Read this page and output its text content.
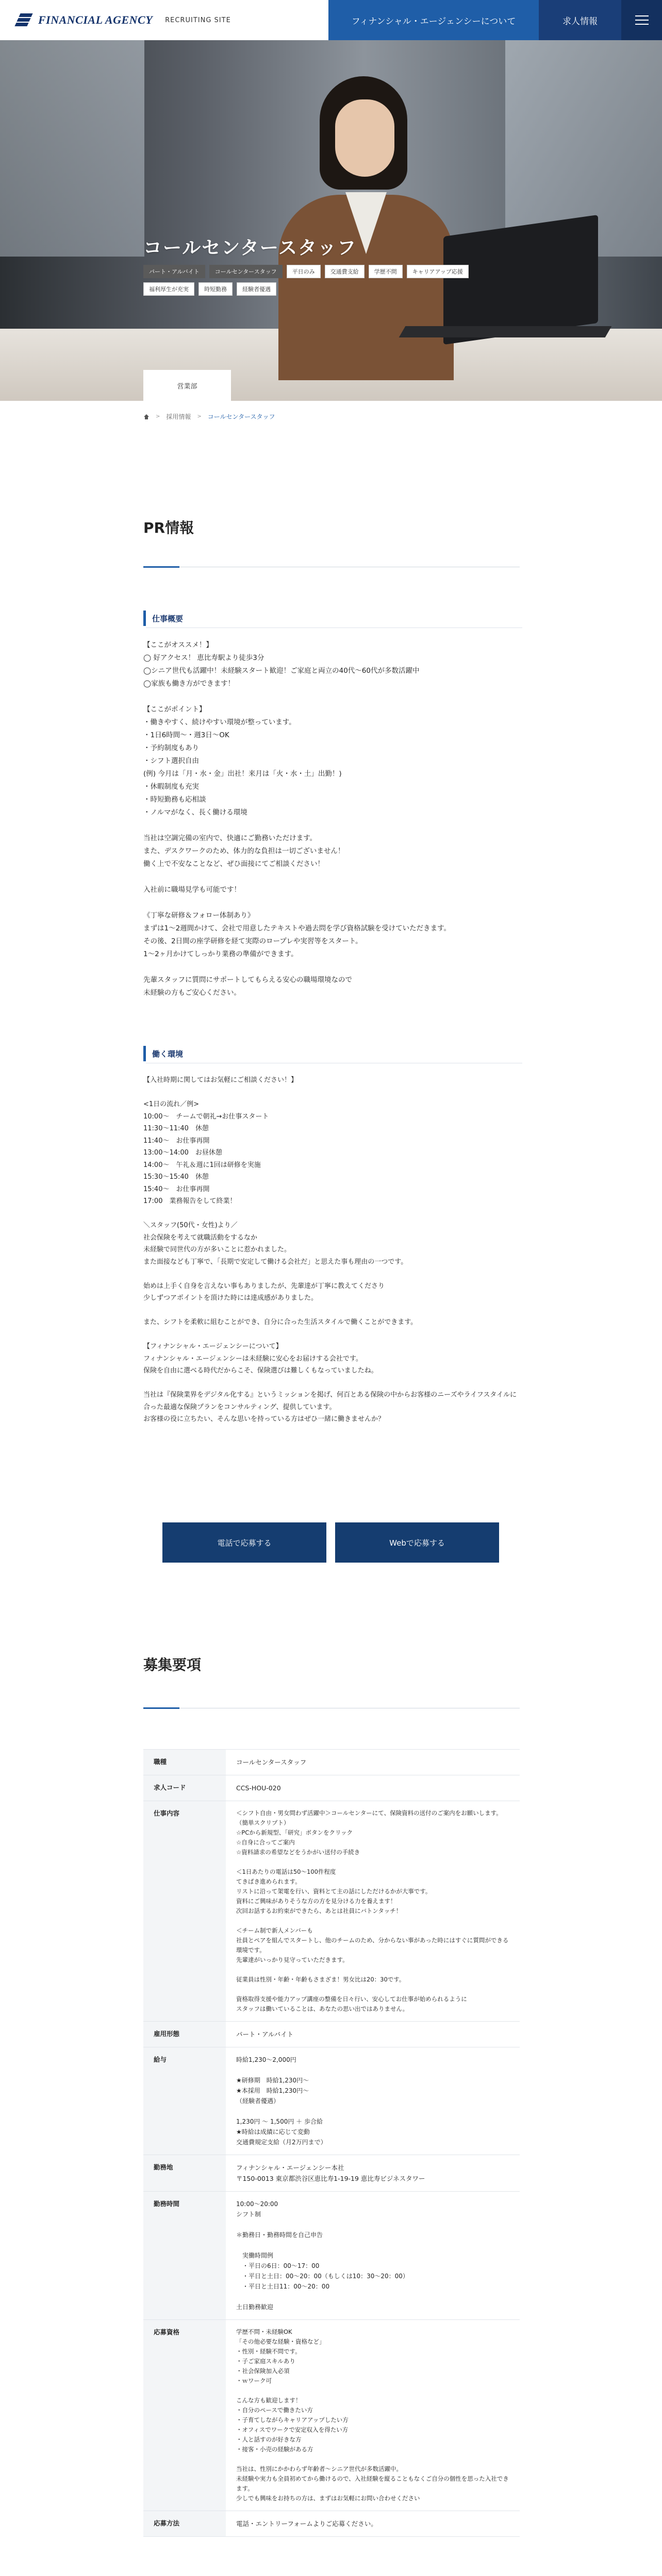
FINANCIAL AGENCY RECRUITING SITE	フィナンシャル・エージェンシーについて	求人情報
コールセンタースタッフ
パート・アルバイト	コールセンタースタッフ	平日のみ	交通費支給	学歴不問	キャリアアップ応援
福利厚生が充実	時短勤務	経験者優遇
営業部
> 採用情報 > コールセンタースタッフ
PR情報
仕事概要
【ここがオススメ！】
◯ 好アクセス！ 恵比寿駅より徒歩3分
◯シニア世代も活躍中！未経験スタート歓迎！ご家庭と両立の40代〜60代が多数活躍中
◯家族も働き方ができます！

【ここがポイント】
・働きやすく、続けやすい環境が整っています。
・1日6時間〜・週3日〜OK
・予約制度もあり
・シフト選択自由
(例) 今月は「月・水・金」出社！来月は「火・水・土」出勤！)
・休暇制度も充実
・時短勤務も応相談
・ノルマがなく、長く働ける環境

当社は空調完備の室内で、快適にご勤務いただけます。
また、デスクワークのため、体力的な負担は一切ございません！
働く上で不安なことなど、ぜひ面接にてご相談ください！

入社前に職場見学も可能です！

《丁寧な研修＆フォロー体制あり》
まずは1〜2週間かけて、会社で用意したテキストや過去問を学び資格試験を受けていただきます。
その後、2日間の座学研修を経て実際のロープレや実習等をスタート。
1〜2ヶ月かけてしっかり業務の準備ができます。

先輩スタッフに質問にサポートしてもらえる安心の職場環境なので
未経験の方もご安心ください。
働く環境
【入社時期に関してはお気軽にご相談ください！】

<1日の流れ／例>
10:00〜　チームで朝礼→お仕事スタート
11:30〜11:40　休憩
11:40〜　お仕事再開
13:00〜14:00　お昼休憩
14:00〜　午礼＆週に1回は研修を実施
15:30〜15:40　休憩
15:40〜　お仕事再開
17:00　業務報告をして終業！

＼スタッフ(50代・女性)より／
社会保険を考えて就職活動をするなか
未経験で同世代の方が多いことに惹かれました。
また面接なども丁寧で、「長期で安定して働ける会社だ」と思えた事も理由の一つです。

始めは上手く自身を言えない事もありましたが、先輩達が丁寧に教えてくださり
少しずつアポイントを頂けた時には達成感がありました。

また、シフトを柔軟に組むことができ、自分に合った生活スタイルで働くことができます。

【フィナンシャル・エージェンシーについて】
フィナンシャル・エージェンシーは未経験に安心をお届けする会社です。
保険を自由に選べる時代だからこそ、保険選びは難しくもなっていましたね。

当社は『保険業界をデジタル化する』というミッションを掲げ、何百とある保険の中からお客様のニーズやライフスタイルに合った最適な保険プランをコンサルティング、提供しています。
お客様の役に立ちたい、そんな思いを持っている方はぜひ一緒に働きませんか？
電話で応募する	Webで応募する
募集要項
職種	コールセンタースタッフ
求人コード	CCS-HOU-020
仕事内容	＜シフト自由・男女問わず活躍中＞コールセンターにて、保険資料の送付のご案内をお願いします。
（簡単スクリプト）
☆PCから新規型、「研究」ボタンをクリック
☆自身に合ってご案内
☆資料請求の希望などをうかがい送付の手続き

＜1日あたりの電話は50〜100件程度
てきぱき進められます。
リストに沿って架電を行い、資料とて主の話にしただけるかが大事です。
資料にご興味がありそうな方の方を見分ける力を養えます！
次回お話するお約束ができたら、あとは社員にバトンタッチ！

＜チーム制で新人メンバーも
社員とペアを組んでスタートし、他のチームのため、分からない事があった時にはすぐに質問ができる環境です。
先輩達がいっかり見守っていただきます。

従業員は性別・年齢・年齢もさまざま！男女比は20：30です。

資格取得支援や能力アップ講座の整備を日々行い、安心してお仕事が始められるように
スタッフは働いていることは、あなたの思い出ではありません。
雇用形態	パート・アルバイト
給与	時給1,230〜2,000円

★研修期　時給1,230円〜
★本採用　時給1,230円〜
（経験者優遇）

1,230円 〜 1,500円 ＋ 歩合給
★時給は成績に応じて変動
交通費規定支給（月2万円まで）
勤務地	フィナンシャル・エージェンシー本社
〒150-0013 東京都渋谷区恵比寿1-19-19 恵比寿ビジネスタワー
勤務時間	10:00〜20:00
シフト制

＊勤務日・勤務時間を自己申告

　実働時間例
　・平日の6日：00〜17：00
　・平日と土日：00〜20：00（もしくは10：30〜20：00）
　・平日と土日11：00〜20：00

土日勤務歓迎
応募資格	学歴不問・未経験OK
「その他必要な経験・資格など」
・性別・経験不問です。
・子ご家庭スキルあり
・社会保険加入必須
・ｗワーク可

こんな方も歓迎します！
・自分のペースで働きたい方
・子育てしながらキャリアアップしたい方
・オフィスでワークで安定収入を得たい方
・人と話すのが好きな方
・接客・小売の経験がある方

当社は、性別にかかわらず年齢者〜シニア世代が多数活躍中。
未経験や実力も全員初めてから働けるので、入社経験を縦ることもなくご自分の個性を思った入社できます。
少しでも興味をお持ちの方は、まずはお気軽にお問い合わせください
応募方法	電話・エントリーフォームよりご応募ください。
